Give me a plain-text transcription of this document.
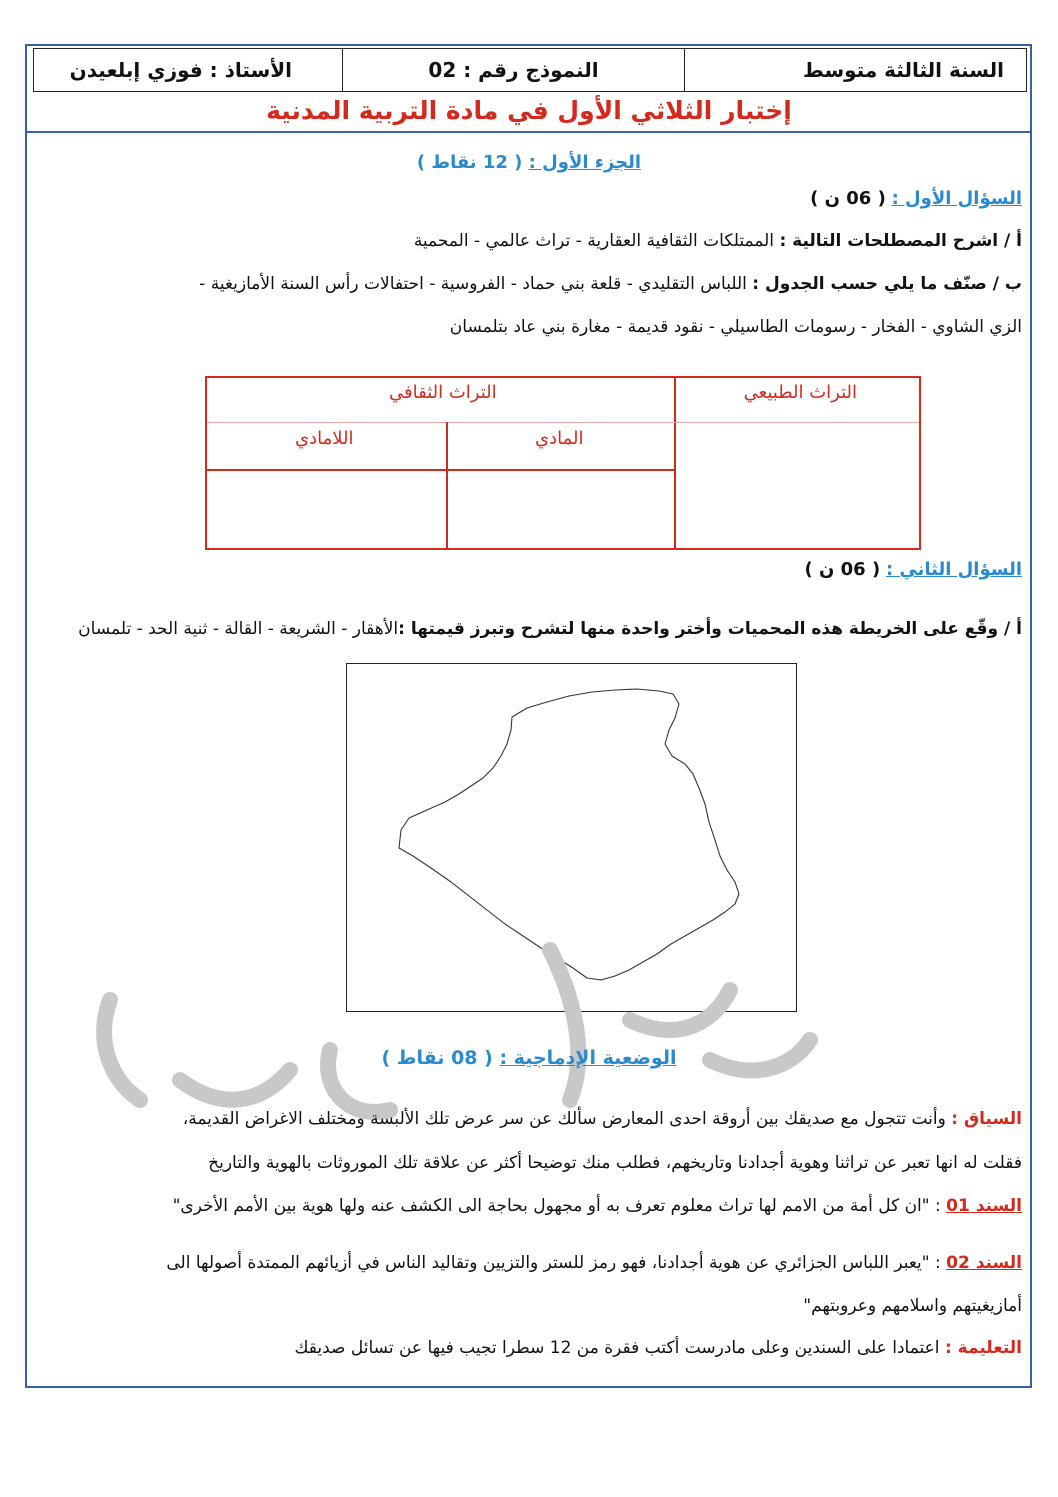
السنة الثالثة متوسط
النموذج رقم : 02
الأستاذ : فوزي إبلعيدن
إختبار الثلاثي الأول في مادة التربية المدنية
الجزء الأول : ( 12 نقاط )
السؤال الأول : ( 06 ن )
أ / اشرح المصطلحات التالية : الممتلكات الثقافية العقارية - تراث عالمي - المحمية
ب / صنّف ما يلي حسب الجدول : اللباس التقليدي - قلعة بني حماد - الفروسية - احتفالات رأس السنة الأمازيغية -
الزي الشاوي - الفخار - رسومات الطاسيلي - نقود قديمة - مغارة بني عاد بتلمسان
التراث الطبيعي
التراث الثقافي
المادي
اللامادي
السؤال الثاني : ( 06 ن )
أ / وقّع على الخريطة هذه المحميات وأختر واحدة منها لتشرح وتبرز قيمتها :الأهقار - الشريعة - القالة - ثنية الحد - تلمسان
الوضعية الإدماجية : ( 08 نقاط )
السياق : وأنت تتجول مع صديقك بين أروقة احدى المعارض سألك عن سر عرض تلك الألبسة ومختلف الاغراض القديمة،
فقلت له انها تعبر عن تراثنا وهوية أجدادنا وتاريخهم، فطلب منك توضيحا أكثر عن علاقة تلك الموروثات بالهوية والتاريخ
السند 01 : "ان كل أمة من الامم لها تراث معلوم تعرف به أو مجهول بحاجة الى الكشف عنه ولها هوية بين الأمم الأخرى"
السند 02 : "يعبر اللباس الجزائري عن هوية أجدادنا، فهو رمز للستر والتزيين وتقاليد الناس في أزيائهم الممتدة أصولها الى
أمازيغيتهم واسلامهم وعروبتهم"
التعليمة : اعتمادا على السندين وعلى مادرست أكتب فقرة من 12 سطرا تجيب فيها عن تسائل صديقك
